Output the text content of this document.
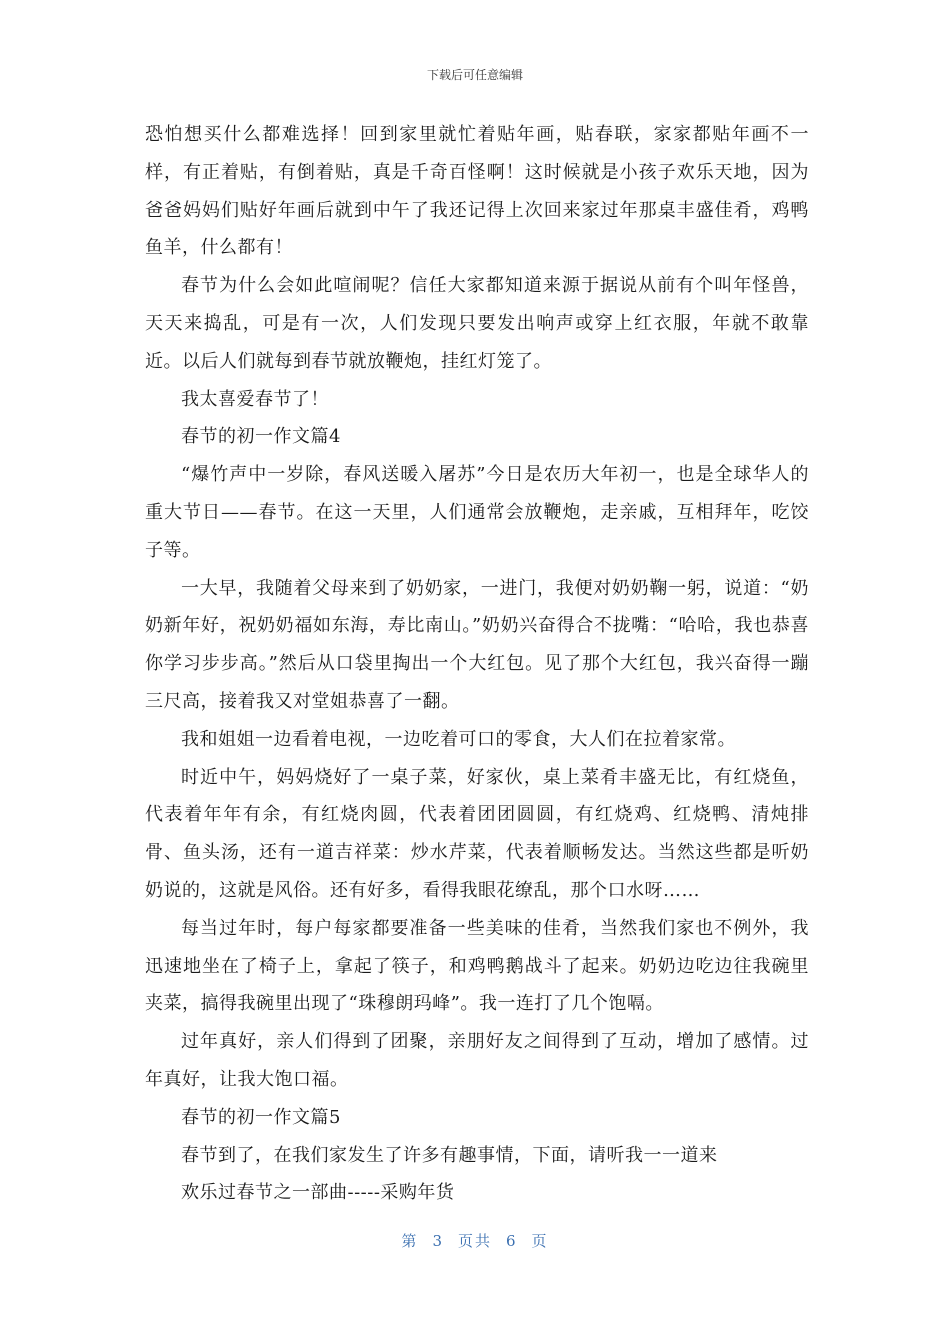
下载后可任意编辑

恐怕想买什么都难选择！回到家里就忙着贴年画，贴春联，家家都贴年画不一样，有正着贴，有倒着贴，真是千奇百怪啊！这时候就是小孩子欢乐天地，因为爸爸妈妈们贴好年画后就到中午了我还记得上次回来家过年那桌丰盛佳肴，鸡鸭鱼羊，什么都有！

春节为什么会如此喧闹呢？信任大家都知道来源于据说从前有个叫年怪兽，天天来捣乱，可是有一次，人们发现只要发出响声或穿上红衣服，年就不敢靠近。以后人们就每到春节就放鞭炮，挂红灯笼了。

我太喜爱春节了！

春节的初一作文篇4

“爆竹声中一岁除，春风送暖入屠苏”今日是农历大年初一，也是全球华人的重大节日——春节。在这一天里，人们通常会放鞭炮，走亲戚，互相拜年，吃饺子等。

一大早，我随着父母来到了奶奶家，一进门，我便对奶奶鞠一躬，说道：“奶奶新年好，祝奶奶福如东海，寿比南山。”奶奶兴奋得合不拢嘴：“哈哈，我也恭喜你学习步步高。”然后从口袋里掏出一个大红包。见了那个大红包，我兴奋得一蹦三尺高，接着我又对堂姐恭喜了一翻。

我和姐姐一边看着电视，一边吃着可口的零食，大人们在拉着家常。

时近中午，妈妈烧好了一桌子菜，好家伙，桌上菜肴丰盛无比，有红烧鱼，代表着年年有余，有红烧肉圆，代表着团团圆圆，有红烧鸡、红烧鸭、清炖排骨、鱼头汤，还有一道吉祥菜：炒水芹菜，代表着顺畅发达。当然这些都是听奶奶说的，这就是风俗。还有好多，看得我眼花缭乱，那个口水呀……

每当过年时，每户每家都要准备一些美味的佳肴，当然我们家也不例外，我迅速地坐在了椅子上，拿起了筷子，和鸡鸭鹅战斗了起来。奶奶边吃边往我碗里夹菜，搞得我碗里出现了“珠穆朗玛峰”。我一连打了几个饱嗝。

过年真好，亲人们得到了团聚，亲朋好友之间得到了互动，增加了感情。过年真好，让我大饱口福。

春节的初一作文篇5

春节到了，在我们家发生了许多有趣事情，下面，请听我一一道来

欢乐过春节之一部曲-----采购年货

第 3 页共 6 页
